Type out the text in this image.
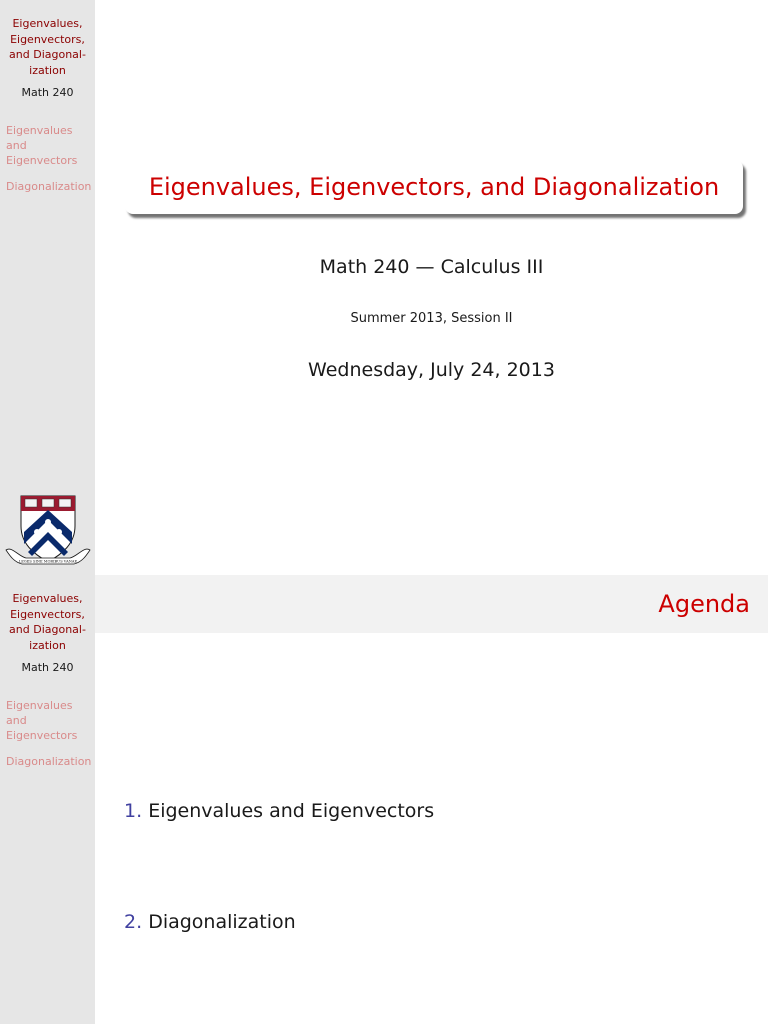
Eigenvalues,
Eigenvectors,
and Diagonal-
ization
Math 240
Eigenvalues
and
Eigenvectors
Diagonalization
LEGES SINE MORIBUS VANAE
Eigenvalues, Eigenvectors, and Diagonalization
Math 240 — Calculus III
Summer 2013, Session II
Wednesday, July 24, 2013
Eigenvalues,
Eigenvectors,
and Diagonal-
ization
Math 240
Eigenvalues
and
Eigenvectors
Diagonalization
Agenda
1. Eigenvalues and Eigenvectors
2. Diagonalization
